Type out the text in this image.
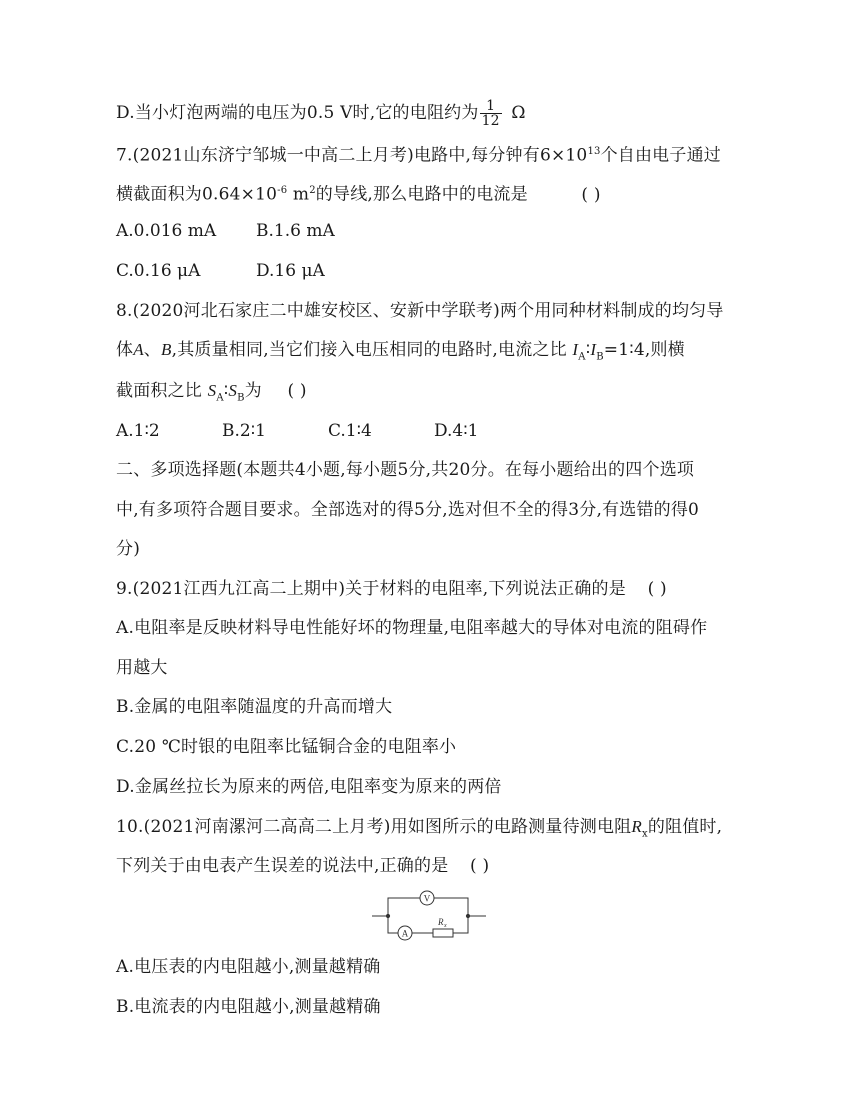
D.当小灯泡两端的电压为0.5 V时,它的电阻约为 $\frac{1}{12}$ Ω
7.(2021山东济宁邹城一中高二上月考)电路中,每分钟有$6\times 10^{13}$个自由电子通过
横截面积为$0.64\times 10^{-6}$ $m^2$的导线,那么电路中的电流是	( )
A.0.016 mA B.1.6 mA
C.0.16 μA	D.16 μA
8.(2020河北石家庄二中雄安校区、安新中学联考)两个用同种材料制成的均匀导
体A、B,其质量相同,当它们接入电压相同的电路时,电流之比 $I_A∶I_B=1∶4$,则横
截面积之比 $S_A∶S_B$为 ( )
A.1∶2	B.2∶1	C.1∶4	D.4∶1
二、多项选择题(本题共4小题,每小题5分,共20分。在每小题给出的四个选项
中,有多项符合题目要求。全部选对的得5分,选对但不全的得3分,有选错的得0
分)
9.(2021江西九江高二上期中)关于材料的电阻率,下列说法正确的是 ( )
A.电阻率是反映材料导电性能好坏的物理量,电阻率越大的导体对电流的阻碍作
用越大
B.金属的电阻率随温度的升高而增大
C.20 ℃时银的电阻率比锰铜合金的电阻率小
D.金属丝拉长为原来的两倍,电阻率变为原来的两倍
10.(2021河南漯河二高高二上月考)用如图所示的电路测量待测电阻$R_x$的阻值时,
下列关于由电表产生误差的说法中,正确的是 ( )
V
A
R x
A.电压表的内电阻越小,测量越精确
B.电流表的内电阻越小,测量越精确
